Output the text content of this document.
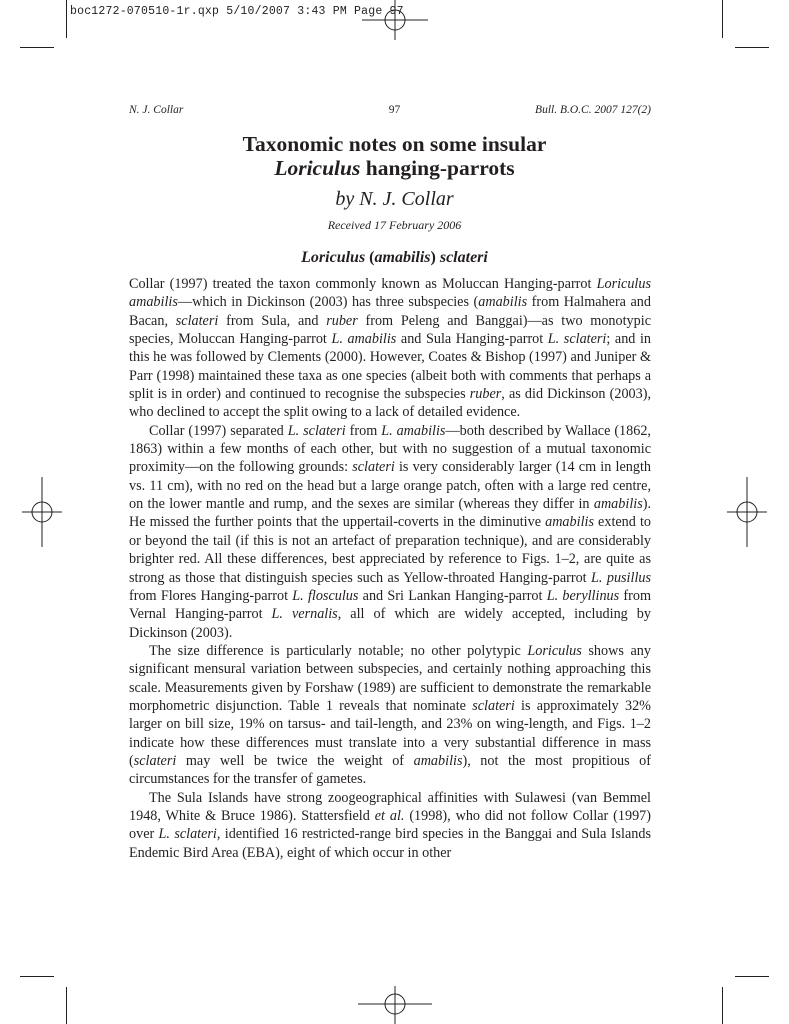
boc1272-070510-1r.qxp 5/10/2007 3:43 PM Page 97
N. J. Collar	97	Bull. B.O.C. 2007 127(2)
Taxonomic notes on some insular
Loriculus hanging-parrots
by N. J. Collar
Received 17 February 2006
Loriculus (amabilis) sclateri

Collar (1997) treated the taxon commonly known as Moluccan Hanging-parrot Loriculus amabilis—which in Dickinson (2003) has three subspecies (amabilis from Halmahera and Bacan, sclateri from Sula, and ruber from Peleng and Banggai)—as two monotypic species, Moluccan Hanging-parrot L. amabilis and Sula Hanging-parrot L. sclateri; and in this he was followed by Clements (2000). However, Coates & Bishop (1997) and Juniper & Parr (1998) maintained these taxa as one species (albeit both with comments that perhaps a split is in order) and continued to recognise the subspecies ruber, as did Dickinson (2003), who declined to accept the split owing to a lack of detailed evidence.

Collar (1997) separated L. sclateri from L. amabilis—both described by Wallace (1862, 1863) within a few months of each other, but with no suggestion of a mutual taxonomic proximity—on the following grounds: sclateri is very considerably larger (14 cm in length vs. 11 cm), with no red on the head but a large orange patch, often with a large red centre, on the lower mantle and rump, and the sexes are similar (whereas they differ in amabilis). He missed the further points that the uppertail-coverts in the diminutive amabilis extend to or beyond the tail (if this is not an artefact of preparation technique), and are considerably brighter red. All these differences, best appreciated by reference to Figs. 1–2, are quite as strong as those that distinguish species such as Yellow-throated Hanging-parrot L. pusillus from Flores Hanging-parrot L. flosculus and Sri Lankan Hanging-parrot L. beryllinus from Vernal Hanging-parrot L. vernalis, all of which are widely accepted, including by Dickinson (2003).

The size difference is particularly notable; no other polytypic Loriculus shows any significant mensural variation between subspecies, and certainly nothing approaching this scale. Measurements given by Forshaw (1989) are sufficient to demonstrate the remarkable morphometric disjunction. Table 1 reveals that nominate sclateri is approximately 32% larger on bill size, 19% on tarsus- and tail-length, and 23% on wing-length, and Figs. 1–2 indicate how these differences must translate into a very substantial difference in mass (sclateri may well be twice the weight of amabilis), not the most propitious of circumstances for the transfer of gametes.

The Sula Islands have strong zoogeographical affinities with Sulawesi (van Bemmel 1948, White & Bruce 1986). Stattersfield et al. (1998), who did not follow Collar (1997) over L. sclateri, identified 16 restricted-range bird species in the Banggai and Sula Islands Endemic Bird Area (EBA), eight of which occur in other
